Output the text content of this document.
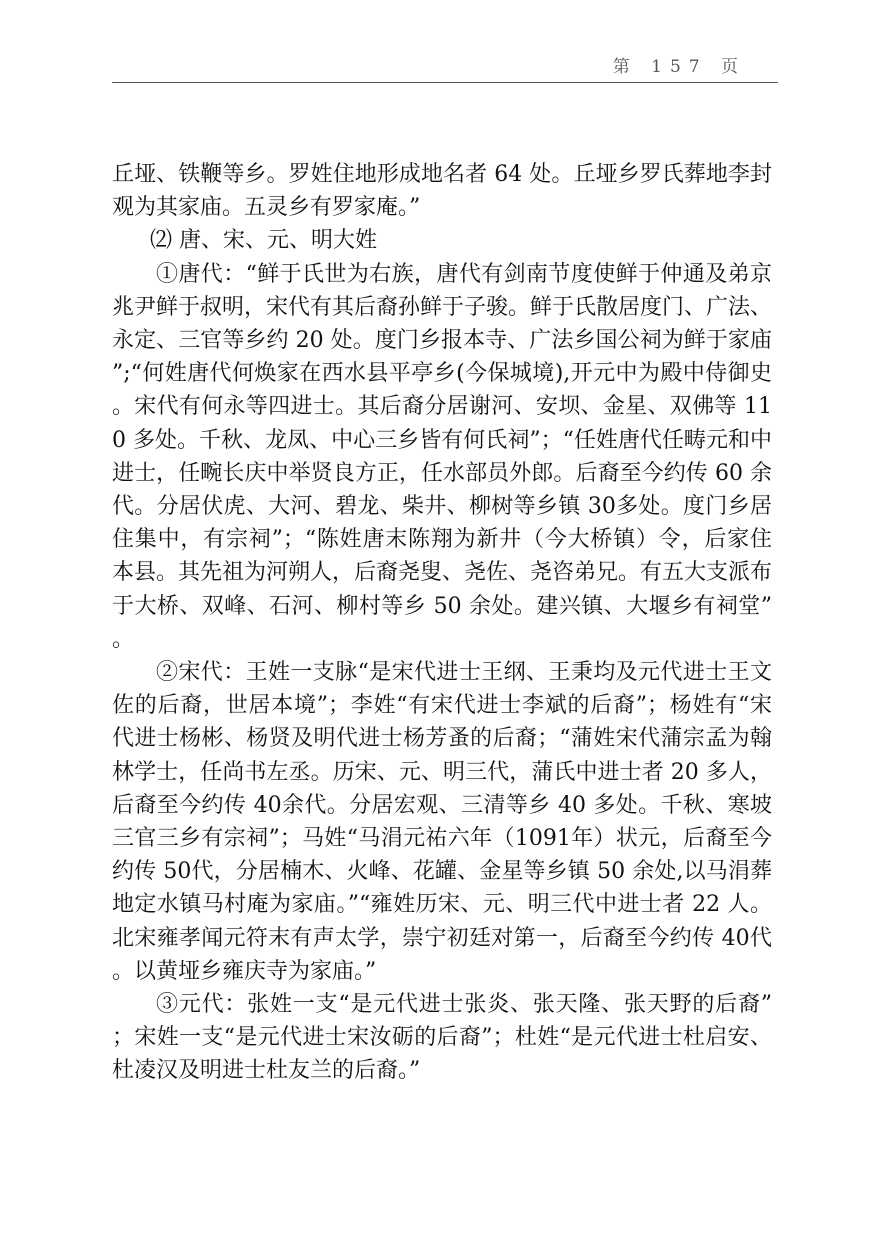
第 157 页

丘垭、铁鞭等乡。罗姓住地形成地名者 64 处。丘垭乡罗氏葬地李封观为其家庙。五灵乡有罗家庵。”

⑵ 唐、宋、元、明大姓

①唐代：“鲜于氏世为右族，唐代有剑南节度使鲜于仲通及弟京兆尹鲜于叔明，宋代有其后裔孙鲜于子骏。鲜于氏散居度门、广法、永定、三官等乡约 20 处。度门乡报本寺、广法乡国公祠为鲜于家庙”;“何姓唐代何焕家在西水县平亭乡(今保城境),开元中为殿中侍御史。宋代有何永等四进士。其后裔分居谢河、安坝、金星、双佛等 110 多处。千秋、龙凤、中心三乡皆有何氏祠”；“任姓唐代任畴元和中进士，任畹长庆中举贤良方正，任水部员外郎。后裔至今约传 60 余代。分居伏虎、大河、碧龙、柴井、柳树等乡镇 30多处。度门乡居住集中，有宗祠”；“陈姓唐末陈翔为新井（今大桥镇）令，后家住本县。其先祖为河朔人，后裔尧叟、尧佐、尧咨弟兄。有五大支派布于大桥、双峰、石河、柳村等乡 50 余处。建兴镇、大堰乡有祠堂”。

②宋代：王姓一支脉“是宋代进士王纲、王秉均及元代进士王文佐的后裔，世居本境”；李姓“有宋代进士李斌的后裔”；杨姓有“宋代进士杨彬、杨贤及明代进士杨芳蚤的后裔；“蒲姓宋代蒲宗孟为翰林学士，任尚书左丞。历宋、元、明三代，蒲氏中进士者 20 多人，后裔至今约传 40余代。分居宏观、三清等乡 40 多处。千秋、寒坡三官三乡有宗祠”；马姓“马涓元祐六年（1091年）状元，后裔至今约传 50代，分居楠木、火峰、花罐、金星等乡镇 50 余处,以马涓葬地定水镇马村庵为家庙。”“雍姓历宋、元、明三代中进士者 22 人。北宋雍孝闻元符末有声太学，崇宁初廷对第一，后裔至今约传 40代。以黄垭乡雍庆寺为家庙。”

③元代：张姓一支“是元代进士张炎、张天隆、张天野的后裔”；宋姓一支“是元代进士宋汝砺的后裔”；杜姓“是元代进士杜启安、杜凌汉及明进士杜友兰的后裔。”
